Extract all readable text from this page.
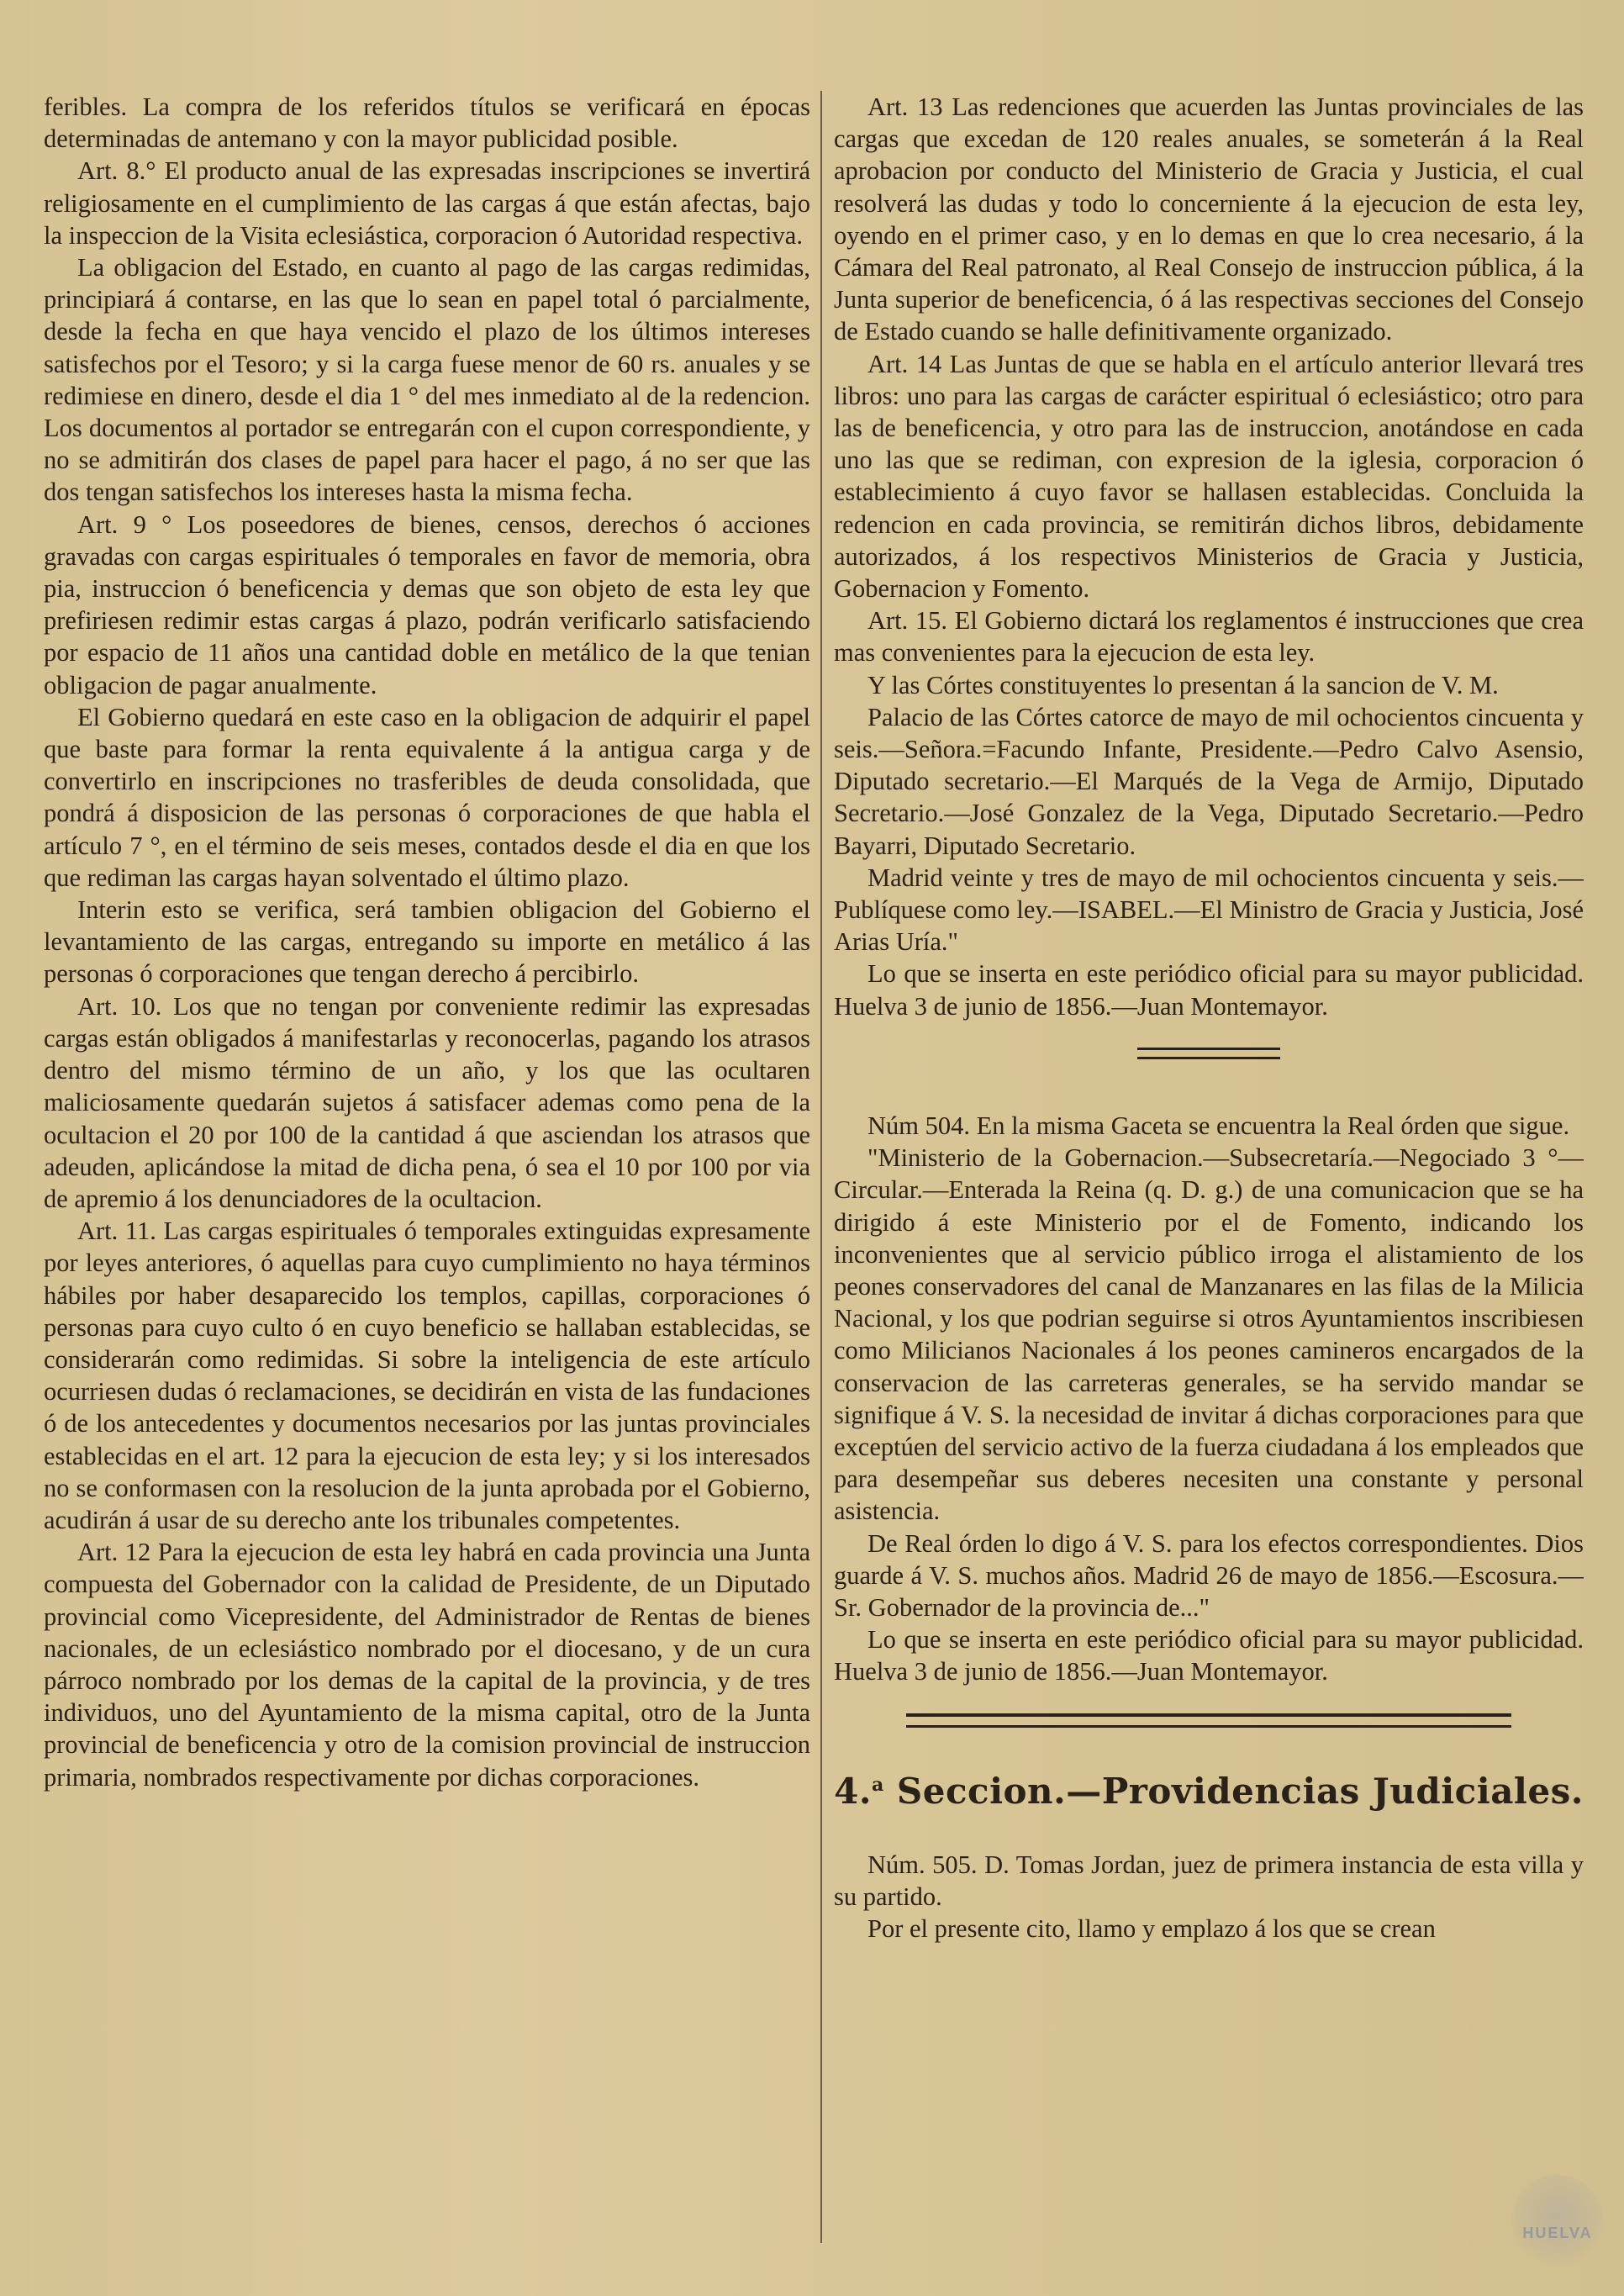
feribles. La compra de los referidos títulos se verificará en épocas determinadas de antemano y con la mayor publicidad posible.

Art. 8.° El producto anual de las expresadas inscripciones se invertirá religiosamente en el cumplimiento de las cargas á que están afectas, bajo la inspeccion de la Visita eclesiástica, corporacion ó Autoridad respectiva.

La obligacion del Estado, en cuanto al pago de las cargas redimidas, principiará á contarse, en las que lo sean en papel total ó parcialmente, desde la fecha en que haya vencido el plazo de los últimos intereses satisfechos por el Tesoro; y si la carga fuese menor de 60 rs. anuales y se redimiese en dinero, desde el dia 1 ° del mes inmediato al de la redencion. Los documentos al portador se entregarán con el cupon correspondiente, y no se admitirán dos clases de papel para hacer el pago, á no ser que las dos tengan satisfechos los intereses hasta la misma fecha.

Art. 9 ° Los poseedores de bienes, censos, derechos ó acciones gravadas con cargas espirituales ó temporales en favor de memoria, obra pia, instruccion ó beneficencia y demas que son objeto de esta ley que prefiriesen redimir estas cargas á plazo, podrán verificarlo satisfaciendo por espacio de 11 años una cantidad doble en metálico de la que tenian obligacion de pagar anualmente.

El Gobierno quedará en este caso en la obligacion de adquirir el papel que baste para formar la renta equivalente á la antigua carga y de convertirlo en inscripciones no trasferibles de deuda consolidada, que pondrá á disposicion de las personas ó corporaciones de que habla el artículo 7 °, en el término de seis meses, contados desde el dia en que los que rediman las cargas hayan solventado el último plazo.

Interin esto se verifica, será tambien obligacion del Gobierno el levantamiento de las cargas, entregando su importe en metálico á las personas ó corporaciones que tengan derecho á percibirlo.

Art. 10. Los que no tengan por conveniente redimir las expresadas cargas están obligados á manifestarlas y reconocerlas, pagando los atrasos dentro del mismo término de un año, y los que las ocultaren maliciosamente quedarán sujetos á satisfacer ademas como pena de la ocultacion el 20 por 100 de la cantidad á que asciendan los atrasos que adeuden, aplicándose la mitad de dicha pena, ó sea el 10 por 100 por via de apremio á los denunciadores de la ocultacion.

Art. 11. Las cargas espirituales ó temporales extinguidas expresamente por leyes anteriores, ó aquellas para cuyo cumplimiento no haya términos hábiles por haber desaparecido los templos, capillas, corporaciones ó personas para cuyo culto ó en cuyo beneficio se hallaban establecidas, se considerarán como redimidas. Si sobre la inteligencia de este artículo ocurriesen dudas ó reclamaciones, se decidirán en vista de las fundaciones ó de los antecedentes y documentos necesarios por las juntas provinciales establecidas en el art. 12 para la ejecucion de esta ley; y si los interesados no se conformasen con la resolucion de la junta aprobada por el Gobierno, acudirán á usar de su derecho ante los tribunales competentes.

Art. 12 Para la ejecucion de esta ley habrá en cada provincia una Junta compuesta del Gobernador con la calidad de Presidente, de un Diputado provincial como Vicepresidente, del Administrador de Rentas de bienes nacionales, de un eclesiástico nombrado por el diocesano, y de un cura párroco nombrado por los demas de la capital de la provincia, y de tres individuos, uno del Ayuntamiento de la misma capital, otro de la Junta provincial de beneficencia y otro de la comision provincial de instruccion primaria, nombrados respectivamente por dichas corporaciones.

Art. 13 Las redenciones que acuerden las Juntas provinciales de las cargas que excedan de 120 reales anuales, se someterán á la Real aprobacion por conducto del Ministerio de Gracia y Justicia, el cual resolverá las dudas y todo lo concerniente á la ejecucion de esta ley, oyendo en el primer caso, y en lo demas en que lo crea necesario, á la Cámara del Real patronato, al Real Consejo de instruccion pública, á la Junta superior de beneficencia, ó á las respectivas secciones del Consejo de Estado cuando se halle definitivamente organizado.

Art. 14 Las Juntas de que se habla en el artículo anterior llevará tres libros: uno para las cargas de carácter espiritual ó eclesiástico; otro para las de beneficencia, y otro para las de instruccion, anotándose en cada uno las que se rediman, con expresion de la iglesia, corporacion ó establecimiento á cuyo favor se hallasen establecidas. Concluida la redencion en cada provincia, se remitirán dichos libros, debidamente autorizados, á los respectivos Ministerios de Gracia y Justicia, Gobernacion y Fomento.

Art. 15. El Gobierno dictará los reglamentos é instrucciones que crea mas convenientes para la ejecucion de esta ley.

Y las Córtes constituyentes lo presentan á la sancion de V. M.

Palacio de las Córtes catorce de mayo de mil ochocientos cincuenta y seis.—Señora.=Facundo Infante, Presidente.—Pedro Calvo Asensio, Diputado secretario.—El Marqués de la Vega de Armijo, Diputado Secretario.—José Gonzalez de la Vega, Diputado Secretario.—Pedro Bayarri, Diputado Secretario.

Madrid veinte y tres de mayo de mil ochocientos cincuenta y seis.—Publíquese como ley.—ISABEL.—El Ministro de Gracia y Justicia, José Arias Uría."

Lo que se inserta en este periódico oficial para su mayor publicidad. Huelva 3 de junio de 1856.—Juan Montemayor.

Núm 504. En la misma Gaceta se encuentra la Real órden que sigue.

"Ministerio de la Gobernacion.—Subsecretaría.—Negociado 3 °—Circular.—Enterada la Reina (q. D. g.) de una comunicacion que se ha dirigido á este Ministerio por el de Fomento, indicando los inconvenientes que al servicio público irroga el alistamiento de los peones conservadores del canal de Manzanares en las filas de la Milicia Nacional, y los que podrian seguirse si otros Ayuntamientos inscribiesen como Milicianos Nacionales á los peones camineros encargados de la conservacion de las carreteras generales, se ha servido mandar se signifique á V. S. la necesidad de invitar á dichas corporaciones para que exceptúen del servicio activo de la fuerza ciudadana á los empleados que para desempeñar sus deberes necesiten una constante y personal asistencia.

De Real órden lo digo á V. S. para los efectos correspondientes. Dios guarde á V. S. muchos años. Madrid 26 de mayo de 1856.—Escosura.—Sr. Gobernador de la provincia de..."

Lo que se inserta en este periódico oficial para su mayor publicidad. Huelva 3 de junio de 1856.—Juan Montemayor.

4.$^a$ Seccion.—Providencias Judiciales.

Núm. 505. D. Tomas Jordan, juez de primera instancia de esta villa y su partido.

Por el presente cito, llamo y emplazo á los que se crean

HUELVA
